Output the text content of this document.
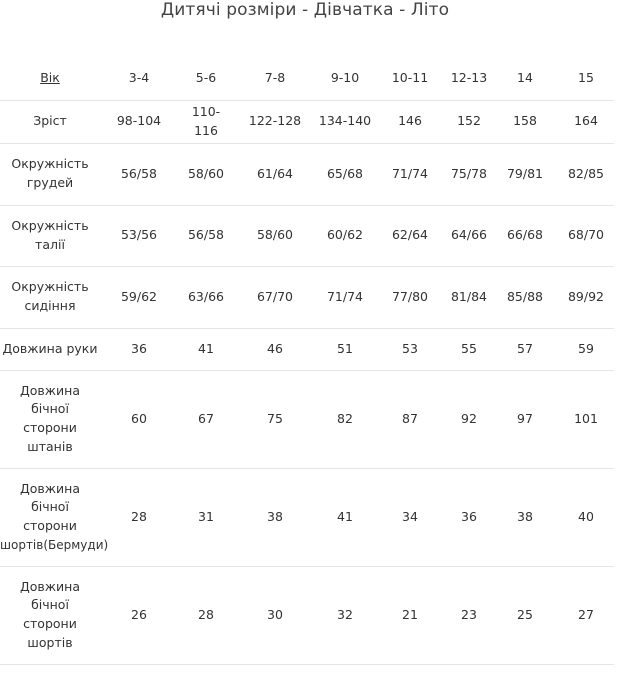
Дитячі розміри - Дівчатка - Літо
Вік	3-4	5-6	7-8	9-10	10-11	12-13	14	15
Зріст	98-104	110-116	122-128	134-140	146	152	158	164
Окружність
грудей	56/58	58/60	61/64	65/68	71/74	75/78	79/81	82/85
Окружність
талії	53/56	56/58	58/60	60/62	62/64	64/66	66/68	68/70
Окружність
сидіння	59/62	63/66	67/70	71/74	77/80	81/84	85/88	89/92
Довжина руки	36	41	46	51	53	55	57	59
Довжина
бічної
сторони
штанів	60	67	75	82	87	92	97	101
Довжина
бічної
сторони
шортів(Бермуди)	28	31	38	41	34	36	38	40
Довжина
бічної
сторони
шортів	26	28	30	32	21	23	25	27
